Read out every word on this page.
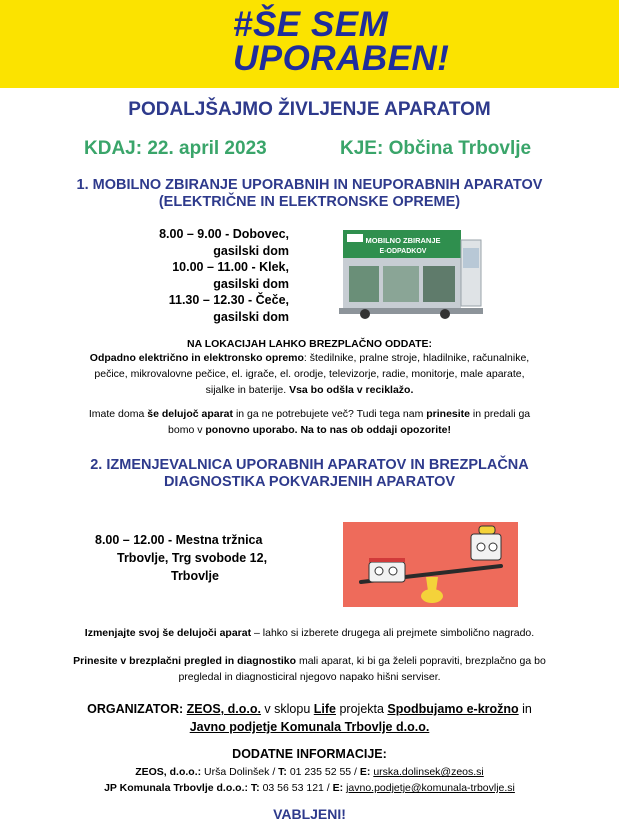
#ŠE SEM
UPORABEN!
PODALJŠAJMO ŽIVLJENJE APARATOM
KDAJ: 22. april 2023	KJE: Občina Trbovlje
1. MOBILNO ZBIRANJE UPORABNIH IN NEUPORABNIH APARATOV
(ELEKTRIČNE IN ELEKTRONSKE OPREME)
8.00 – 9.00 - Dobovec,
gasilski dom
10.00 – 11.00 - Klek,
gasilski dom
11.30 – 12.30 - Čeče,
gasilski dom
MOBILNO ZBIRANJE
E-ODPADKOV
NA LOKACIJAH LAHKO BREZPLAČNO ODDATE:
Odpadno električno in elektronsko opremo: štedilnike, pralne stroje, hladilnike, računalnike,
pečice, mikrovalovne pečice, el. igrače, el. orodje, televizorje, radie, monitorje, male aparate,
sijalke in baterije. Vsa bo odšla v reciklažo.
Imate doma še delujoč aparat in ga ne potrebujete več? Tudi tega nam prinesite in predali ga
bomo v ponovno uporabo. Na to nas ob oddaji opozorite!
2. IZMENJEVALNICA UPORABNIH APARATOV IN BREZPLAČNA
DIAGNOSTIKA POKVARJENIH APARATOV
8.00 – 12.00 - Mestna tržnica
Trbovlje, Trg svobode 12,
Trbovlje
Izmenjajte svoj še delujoči aparat – lahko si izberete drugega ali prejmete simbolično nagrado.
Prinesite v brezplačni pregled in diagnostiko mali aparat, ki bi ga želeli popraviti, brezplačno ga bo
pregledal in diagnosticiral njegovo napako hišni serviser.
ORGANIZATOR: ZEOS, d.o.o. v sklopu Life projekta Spodbujamo e-krožno in
Javno podjetje Komunala Trbovlje d.o.o.
DODATNE INFORMACIJE:
ZEOS, d.o.o.: Urša Dolinšek / T: 01 235 52 55 / E: urska.dolinsek@zeos.si
JP Komunala Trbovlje d.o.o.: T: 03 56 53 121 / E: javno.podjetje@komunala-trbovlje.si
VABLJENI!
